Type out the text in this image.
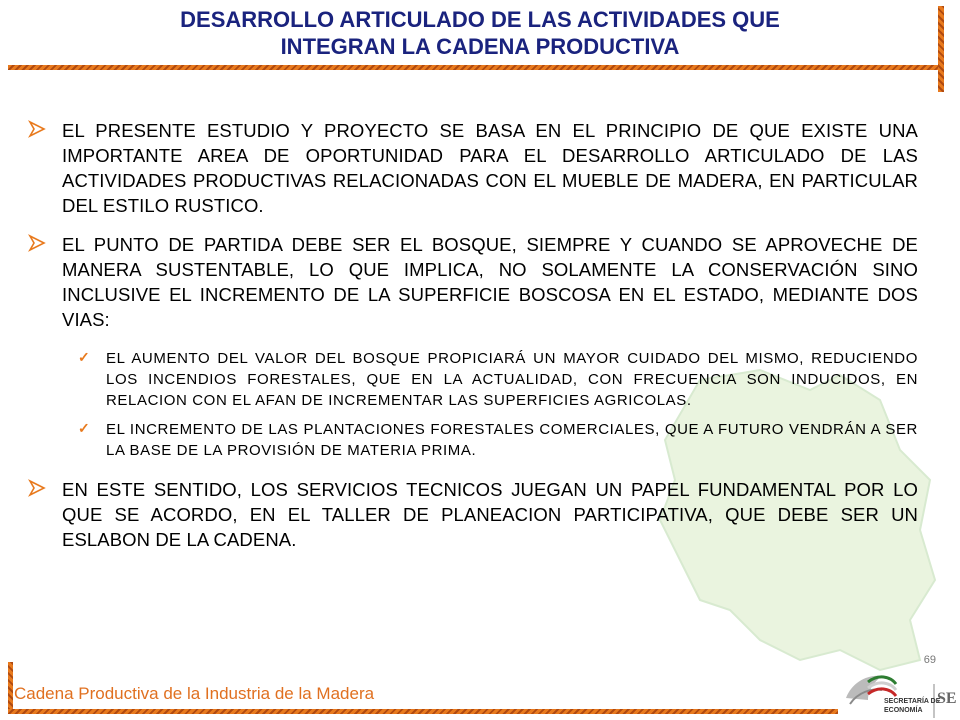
DESARROLLO ARTICULADO DE LAS ACTIVIDADES QUE
INTEGRAN LA CADENA PRODUCTIVA

EL PRESENTE ESTUDIO Y PROYECTO SE BASA EN EL PRINCIPIO DE QUE EXISTE UNA IMPORTANTE AREA DE OPORTUNIDAD PARA EL DESARROLLO ARTICULADO DE LAS ACTIVIDADES PRODUCTIVAS RELACIONADAS CON EL MUEBLE DE MADERA, EN PARTICULAR DEL ESTILO RUSTICO.

EL PUNTO DE PARTIDA DEBE SER EL BOSQUE, SIEMPRE Y CUANDO SE APROVECHE DE MANERA SUSTENTABLE, LO QUE IMPLICA, NO SOLAMENTE LA CONSERVACIÓN SINO INCLUSIVE EL INCREMENTO DE LA SUPERFICIE BOSCOSA EN EL ESTADO, MEDIANTE DOS VIAS:

✓ EL AUMENTO DEL VALOR DEL BOSQUE PROPICIARÁ UN MAYOR CUIDADO DEL MISMO, REDUCIENDO LOS INCENDIOS FORESTALES, QUE EN LA ACTUALIDAD, CON FRECUENCIA SON INDUCIDOS, EN RELACION CON EL AFAN DE INCREMENTAR LAS SUPERFICIES AGRICOLAS.

✓ EL INCREMENTO DE LAS PLANTACIONES FORESTALES COMERCIALES, QUE A FUTURO VENDRÁN A SER LA BASE DE LA PROVISIÓN DE MATERIA PRIMA.

EN ESTE SENTIDO, LOS SERVICIOS TECNICOS JUEGAN UN PAPEL FUNDAMENTAL POR LO QUE SE ACORDO, EN EL TALLER DE PLANEACION PARTICIPATIVA, QUE DEBE SER UN ESLABON DE LA CADENA.

69
Cadena Productiva de la Industria de la Madera	SECRETARÍA DE
ECONOMÍA
SE
